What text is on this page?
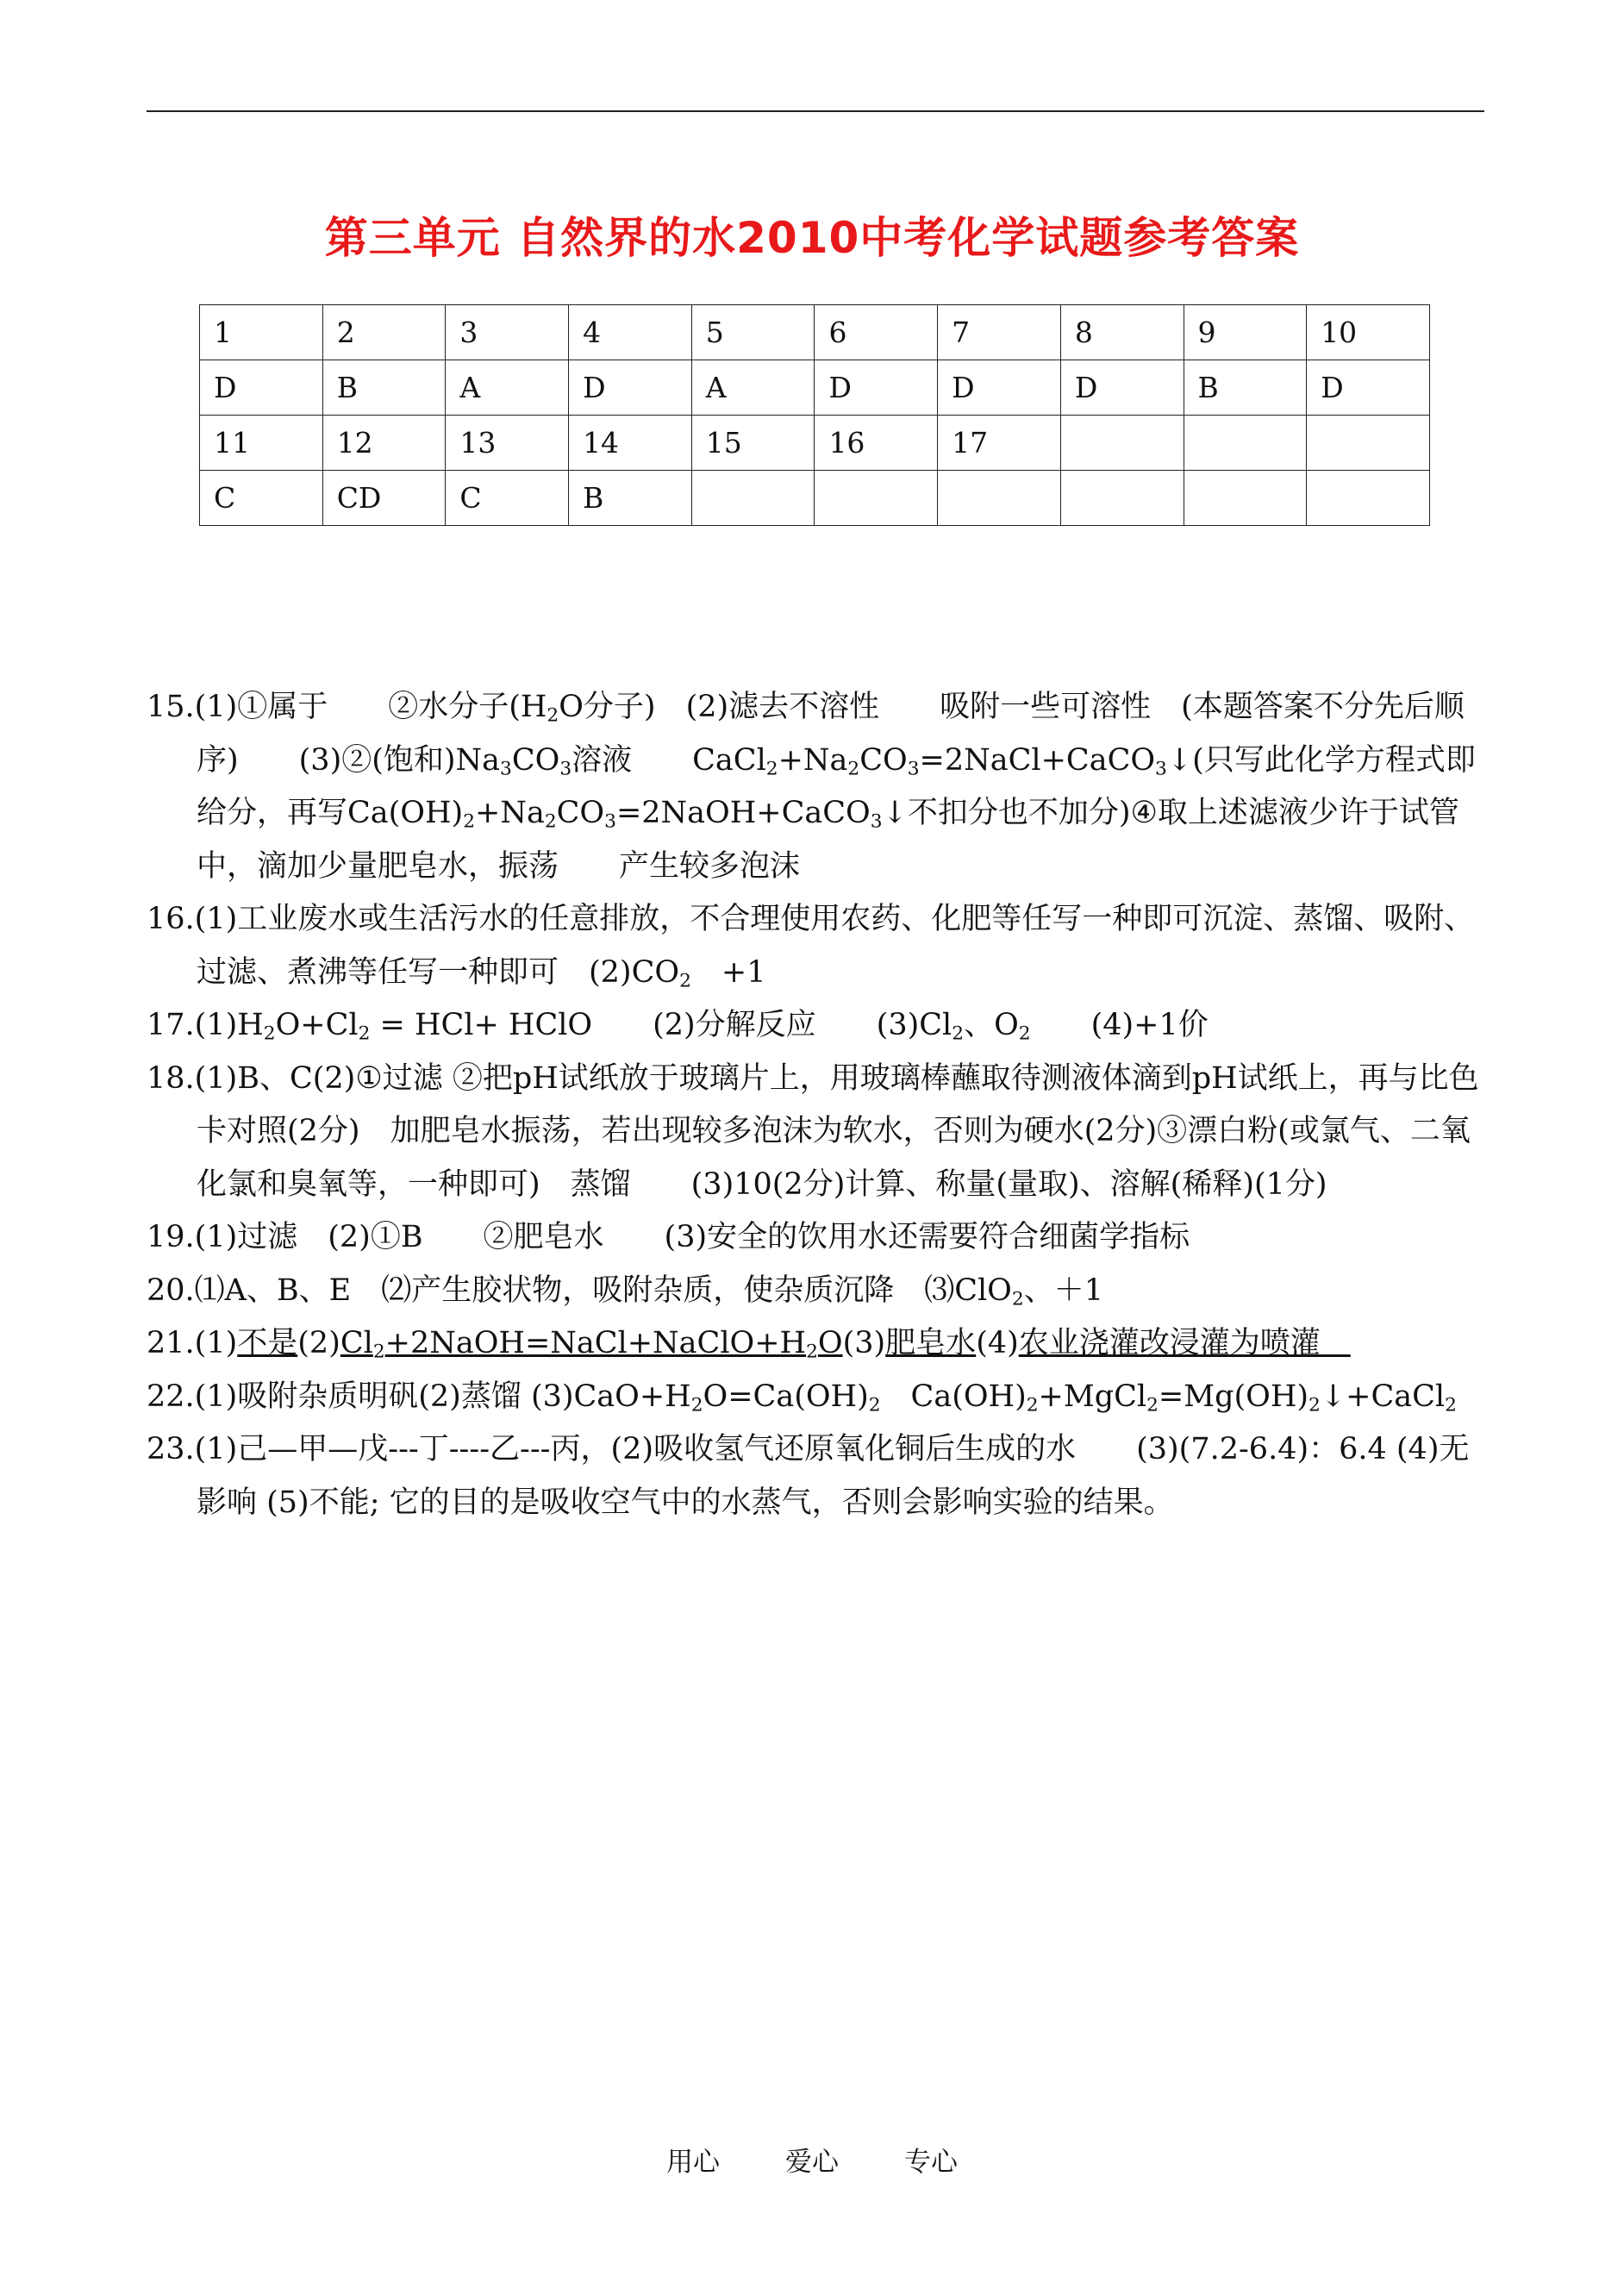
第三单元 自然界的水2010中考化学试题参考答案
1	2	3	4	5	6	7	8	9	10
D	B	A	D	A	D	D	D	B	D
11	12	13	14	15	16	17			
C	CD	C	B						
15.(1)①属于　　②水分子($H_2O$分子)　(2)滤去不溶性　　吸附一些可溶性　(本题答案不分先后顺序)　　(3)②(饱和)$Na_3CO_3$溶液　　$CaCl_2+Na_2CO_3=2NaCl+CaCO_3↓$(只写此化学方程式即给分，再写$Ca(OH)_2+Na_2CO_3=2NaOH+CaCO_3↓$不扣分也不加分)④取上述滤液少许于试管中，滴加少量肥皂水，振荡　　产生较多泡沫
16.(1)工业废水或生活污水的任意排放，不合理使用农药、化肥等任写一种即可沉淀、蒸馏、吸附、过滤、煮沸等任写一种即可　$(2)CO_2$　+1
$17.(1)H_2O+Cl_2 = HCl+$ HClO　　(2)分解反应　　$(3)Cl_2$、$O_2$　　(4)+1价
18.(1)B、C(2)①过滤 ②把pH试纸放于玻璃片上，用玻璃棒蘸取待测液体滴到pH试纸上，再与比色卡对照(2分)　加肥皂水振荡，若出现较多泡沫为软水，否则为硬水(2分)③漂白粉(或氯气、二氧化氯和臭氧等，一种即可)　蒸馏　　(3)10(2分)计算、称量(量取)、溶解(稀释)(1分)
19.(1)过滤　(2)①B　　②肥皂水　　(3)安全的饮用水还需要符合细菌学指标
20.⑴A、B、E　⑵产生胶状物，吸附杂质，使杂质沉降　⑶ClO$_2$、＋1
21.(1)不是$(2)Cl_2+2NaOH=NaCl+NaClO+H_2O(3)$肥皂水(4)农业浇灌改浸灌为喷灌　
22.(1)吸附杂质明矾(2)蒸馏 $(3)CaO+H_2O=Ca(OH)_2$　$Ca(OH)_2+MgCl_2=Mg(OH)_2↓+CaCl_2$
23.(1)己—甲—戊---丁----乙---丙，(2)吸收氢气还原氧化铜后生成的水　　(3)(7.2-6.4)：6.4 (4)无影响 (5)不能; 它的目的是吸收空气中的水蒸气，否则会影响实验的结果。
用心 爱心 专心
